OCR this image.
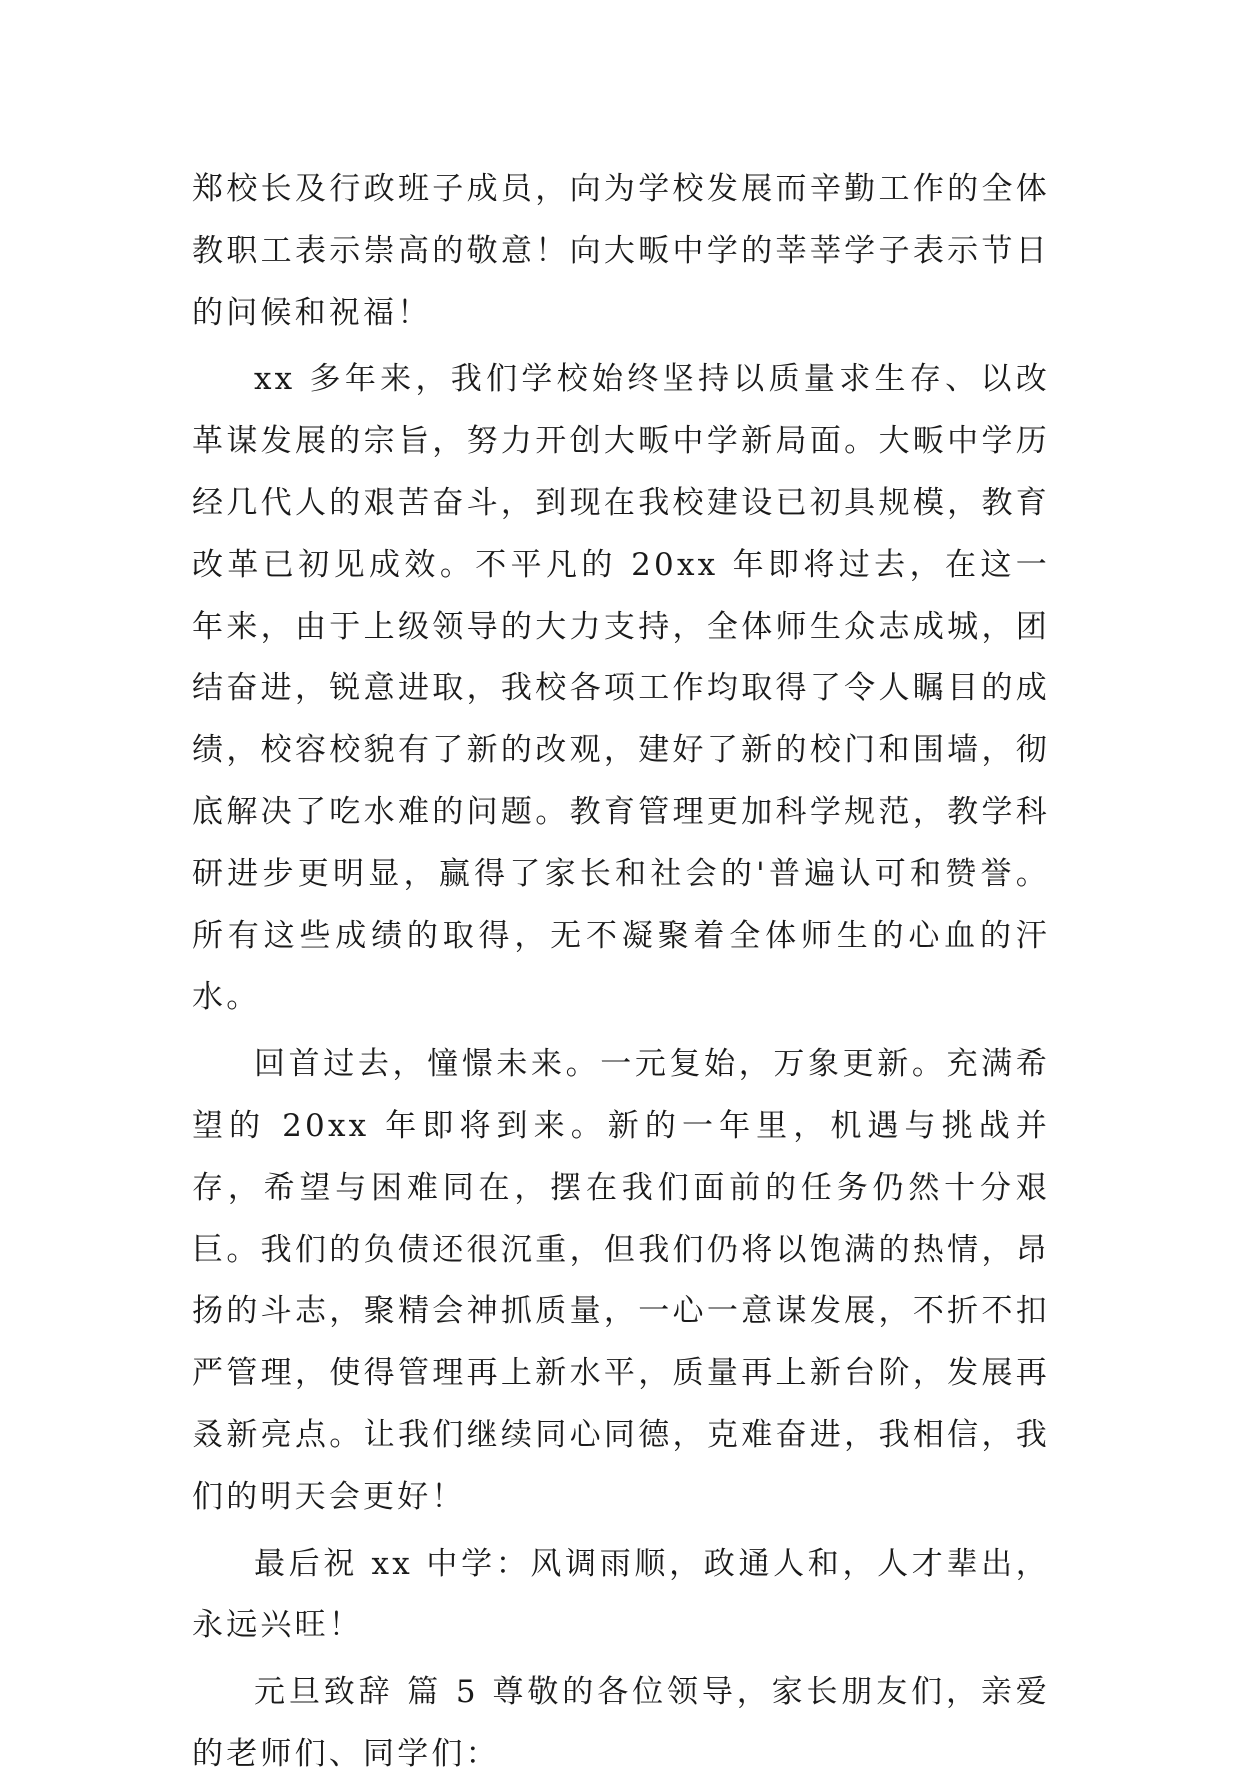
郑校长及行政班子成员，向为学校发展而辛勤工作的全体教职工表示崇高的敬意！向大畈中学的莘莘学子表示节日的问候和祝福！

xx 多年来，我们学校始终坚持以质量求生存、以改革谋发展的宗旨，努力开创大畈中学新局面。大畈中学历经几代人的艰苦奋斗，到现在我校建设已初具规模，教育改革已初见成效。不平凡的 20xx 年即将过去，在这一年来，由于上级领导的大力支持，全体师生众志成城，团结奋进，锐意进取，我校各项工作均取得了令人瞩目的成绩，校容校貌有了新的改观，建好了新的校门和围墙，彻底解决了吃水难的问题。教育管理更加科学规范，教学科研进步更明显，赢得了家长和社会的'普遍认可和赞誉。所有这些成绩的取得，无不凝聚着全体师生的心血的汗水。

回首过去，憧憬未来。一元复始，万象更新。充满希望的 20xx 年即将到来。新的一年里，机遇与挑战并存，希望与困难同在，摆在我们面前的任务仍然十分艰巨。我们的负债还很沉重，但我们仍将以饱满的热情，昂扬的斗志，聚精会神抓质量，一心一意谋发展，不折不扣严管理，使得管理再上新水平，质量再上新台阶，发展再叒新亮点。让我们继续同心同德，克难奋进，我相信，我们的明天会更好！

最后祝 xx 中学：风调雨顺，政通人和，人才辈出，永远兴旺！

元旦致辞 篇 5 尊敬的各位领导，家长朋友们，亲爱的老师们、同学们：
